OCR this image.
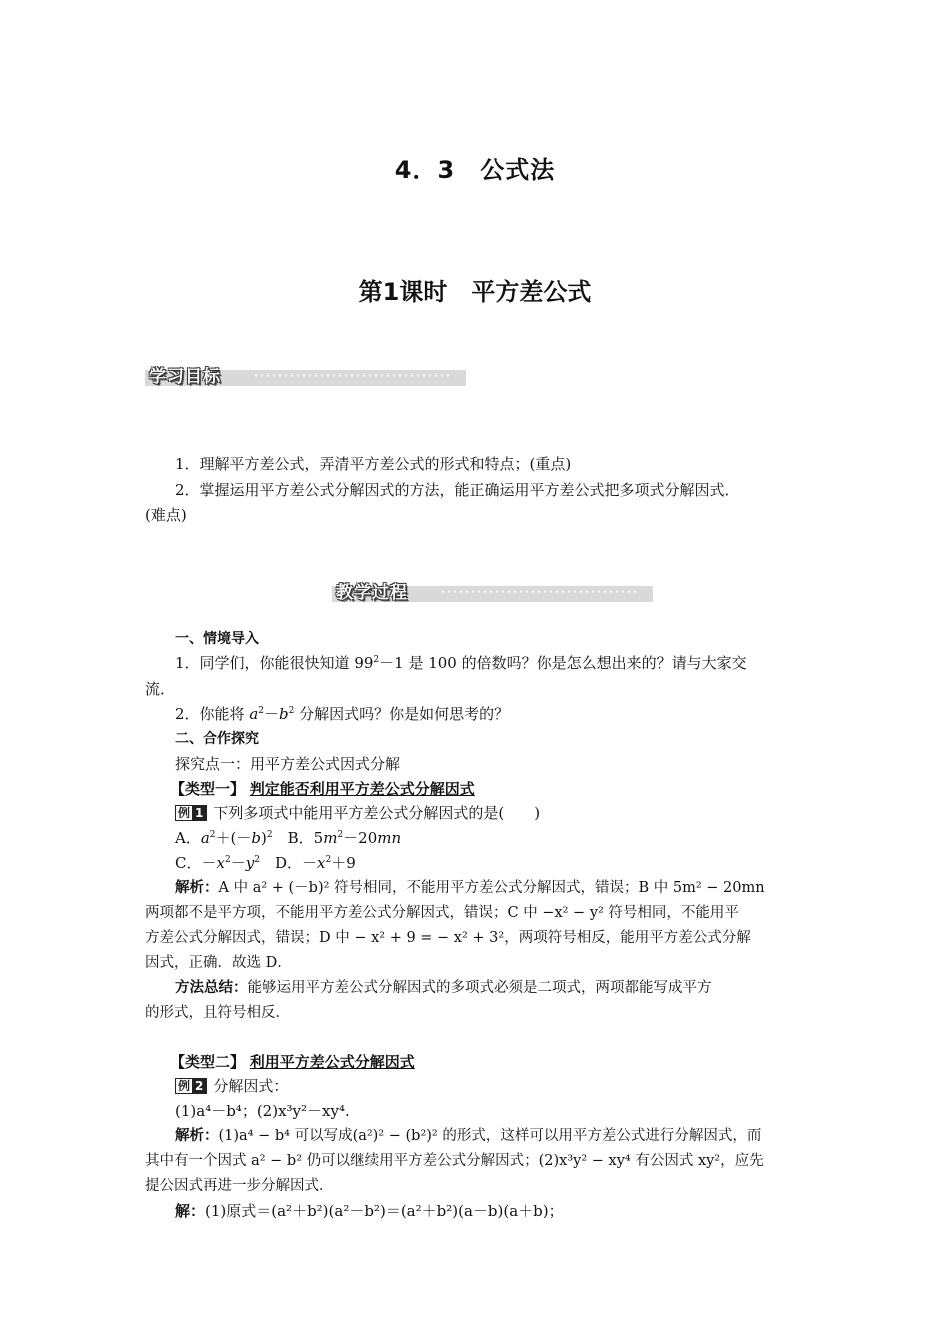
4．3　公式法
第1课时　平方差公式
学习目标

1．理解平方差公式，弄清平方差公式的形式和特点；(重点)

2．掌握运用平方差公式分解因式的方法，能正确运用平方差公式把多项式分解因式．

(难点)

教学过程

一、情境导入

1．同学们，你能很快知道 $99^2-1$ 是 100 的倍数吗？你是怎么想出来的？请与大家交

流．

2．你能将 $a^2-b^2$ 分解因式吗？你是如何思考的？

二、合作探究

探究点一：用平方差公式因式分解

【类型一】 判定能否利用平方差公式分解因式

例 1 下列多项式中能用平方差公式分解因式的是(　　)

A．$a^2+(-b)^2$　 B．$5m^2-20mn$

C．$-x^2-y^2$　 D．$-x^2+9$

解析：A 中 a² + (－b)² 符号相同，不能用平方差公式分解因式，错误；B 中 5m² − 20mn

两项都不是平方项，不能用平方差公式分解因式，错误；C 中 −x² − y² 符号相同，不能用平

方差公式分解因式，错误；D 中 − x² + 9 = − x² + 3²，两项符号相反，能用平方差公式分解

因式，正确．故选 D．

方法总结：能够运用平方差公式分解因式的多项式必须是二项式，两项都能写成平方

的形式，且符号相反．

【类型二】 利用平方差公式分解因式

例 2 分解因式：

(1)a⁴－b⁴；(2)x³y²－xy⁴.

解析：(1)a⁴ − b⁴ 可以写成(a²)² − (b²)² 的形式，这样可以用平方差公式进行分解因式，而

其中有一个因式 a² − b² 仍可以继续用平方差公式分解因式；(2)x³y² − xy⁴ 有公因式 xy²，应先

提公因式再进一步分解因式．

解：(1)原式＝(a²＋b²)(a²－b²)＝(a²＋b²)(a－b)(a＋b)；
